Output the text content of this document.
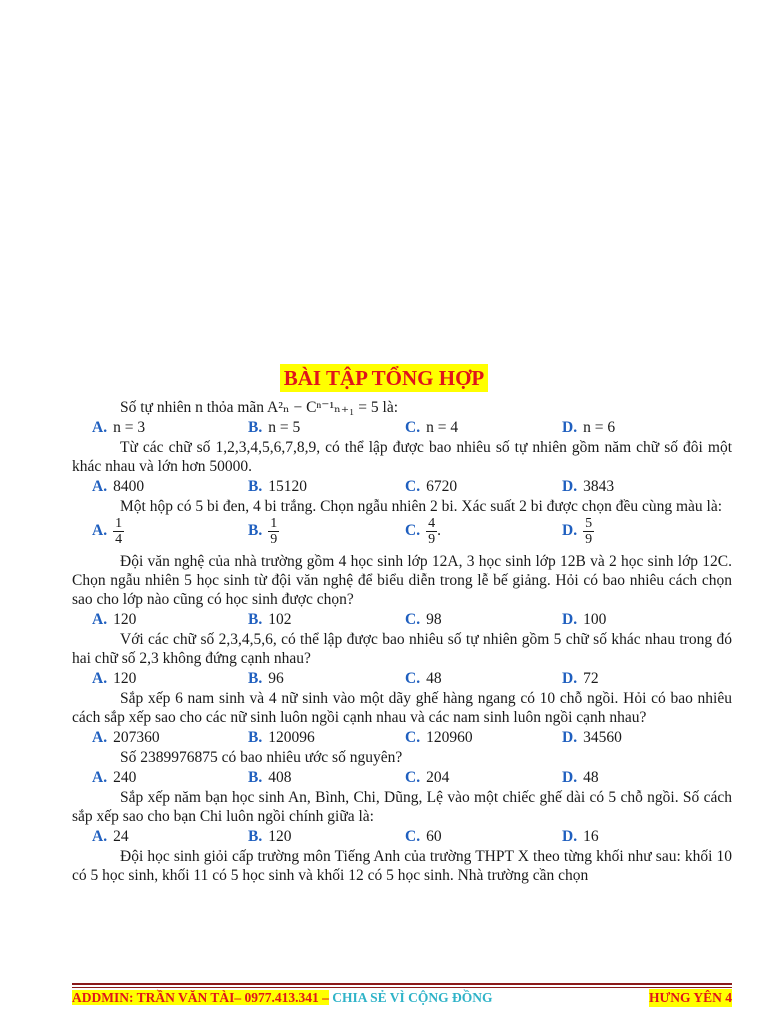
BÀI TẬP TỔNG HỢP

Số tự nhiên n thỏa mãn A²ₙ − Cⁿ⁻¹ₙ₊₁ = 5 là:

A. n = 3	B. n = 5	C. n = 4	D. n = 6

Từ các chữ số 1,2,3,4,5,6,7,8,9, có thể lập được bao nhiêu số tự nhiên gồm năm chữ số đôi một khác nhau và lớn hơn 50000.

A. 8400	B. 15120	C. 6720	D. 3843

Một hộp có 5 bi đen, 4 bi trắng. Chọn ngẫu nhiên 2 bi. Xác suất 2 bi được chọn đều cùng màu là:

A. $\frac{1}{4}$	B. $\frac{1}{9}$	C. $\frac{4}{9}$ .	D. $\frac{5}{9}$

Đội văn nghệ của nhà trường gồm 4 học sinh lớp 12A, 3 học sinh lớp 12B và 2 học sinh lớp 12C. Chọn ngẫu nhiên 5 học sinh từ đội văn nghệ để biểu diễn trong lễ bế giảng. Hỏi có bao nhiêu cách chọn sao cho lớp nào cũng có học sinh được chọn?

A. 120	B. 102	C. 98	D. 100

Với các chữ số 2,3,4,5,6, có thể lập được bao nhiêu số tự nhiên gồm 5 chữ số khác nhau trong đó hai chữ số 2,3 không đứng cạnh nhau?

A. 120	B. 96	C. 48	D. 72

Sắp xếp 6 nam sinh và 4 nữ sinh vào một dãy ghế hàng ngang có 10 chỗ ngồi. Hỏi có bao nhiêu cách sắp xếp sao cho các nữ sinh luôn ngồi cạnh nhau và các nam sinh luôn ngồi cạnh nhau?

A. 207360	B. 120096	C. 120960	D. 34560

Số 2389976875 có bao nhiêu ước số nguyên?

A. 240	B. 408	C. 204	D. 48

Sắp xếp năm bạn học sinh An, Bình, Chi, Dũng, Lệ vào một chiếc ghế dài có 5 chỗ ngồi. Số cách sắp xếp sao cho bạn Chi luôn ngồi chính giữa là:

A. 24	B. 120	C. 60	D. 16

Đội học sinh giỏi cấp trường môn Tiếng Anh của trường THPT X theo từng khối như sau: khối 10 có 5 học sinh, khối 11 có 5 học sinh và khối 12 có 5 học sinh. Nhà trường cần chọn

ADDMIN: TRẦN VĂN TÀI– 0977.413.341 – CHIA SẺ VÌ CỘNG ĐỒNG	HƯNG YÊN 4
